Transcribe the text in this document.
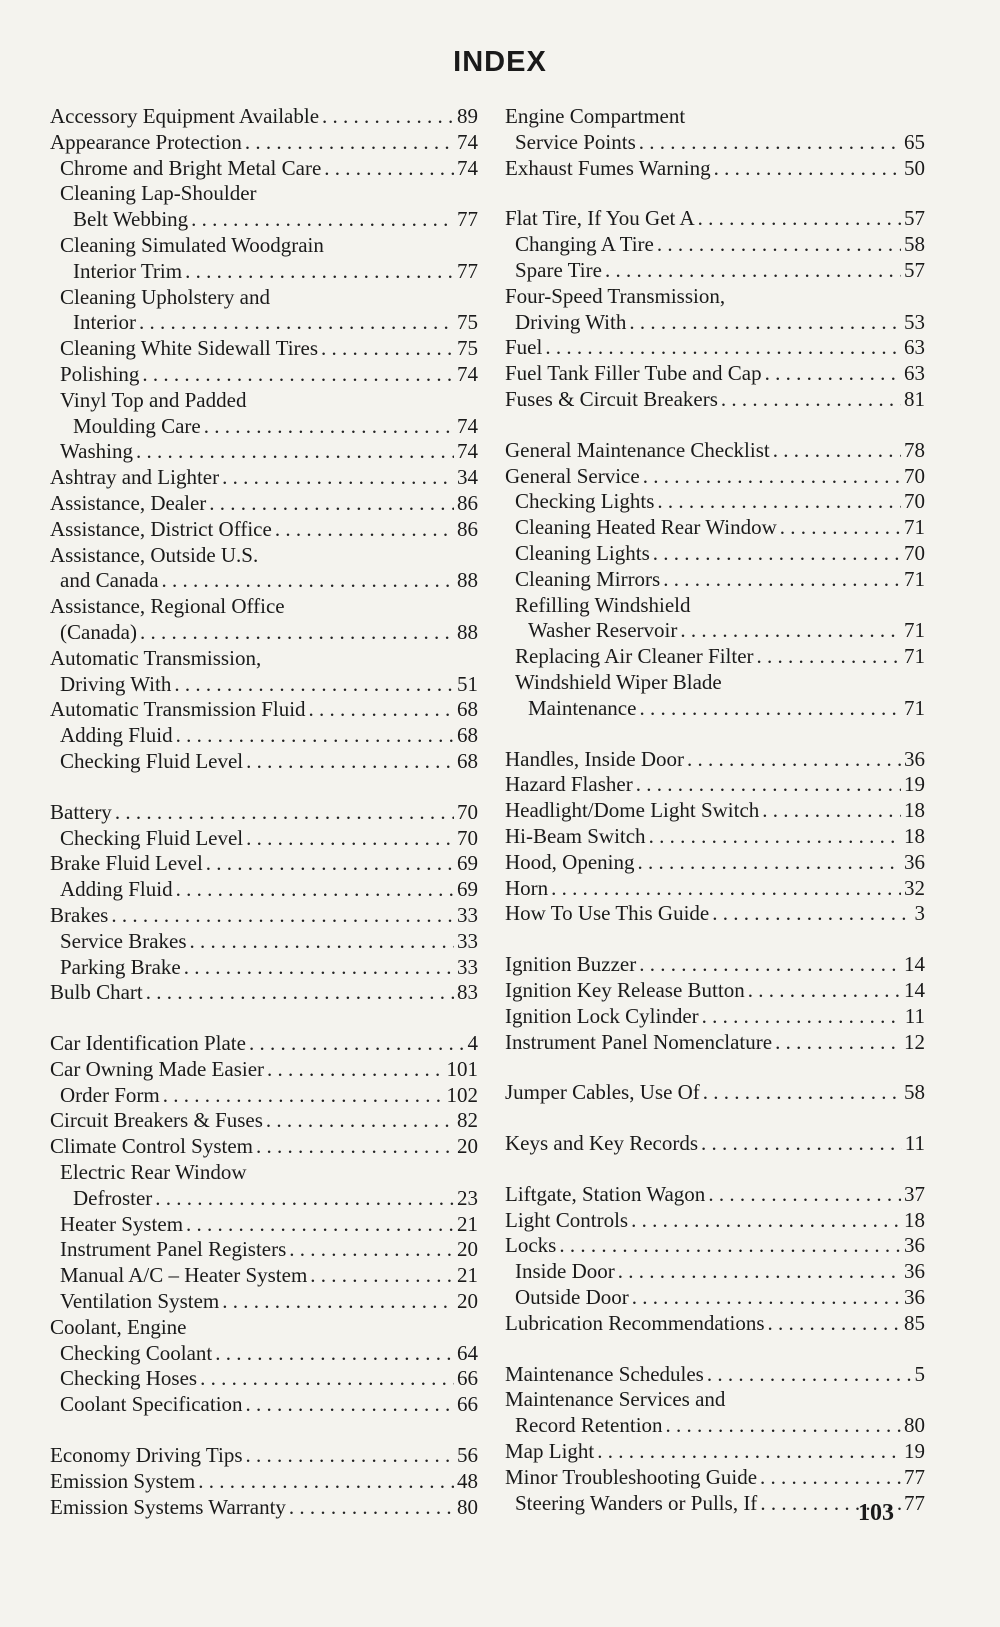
INDEX
Accessory Equipment Available . . .	89
Appearance Protection . . .	74
Chrome and Bright Metal Care . . .	74
Cleaning Lap-Shoulder
Belt Webbing . . .	77
Cleaning Simulated Woodgrain
Interior Trim . . .	77
Cleaning Upholstery and
Interior . . .	75
Cleaning White Sidewall Tires . . .	75
Polishing . . .	74
Vinyl Top and Padded
Moulding Care . . .	74
Washing . . .	74
Ashtray and Lighter . . .	34
Assistance, Dealer . . .	86
Assistance, District Office . . .	86
Assistance, Outside U.S.
and Canada . . .	88
Assistance, Regional Office
(Canada) . . .	88
Automatic Transmission,
Driving With . . .	51
Automatic Transmission Fluid . . .	68
Adding Fluid . . .	68
Checking Fluid Level . . .	68
Battery . . .	70
Checking Fluid Level . . .	70
Brake Fluid Level . . .	69
Adding Fluid . . .	69
Brakes . . .	33
Service Brakes . . .	33
Parking Brake . . .	33
Bulb Chart . . .	83
Car Identification Plate . . .	4
Car Owning Made Easier . . .	101
Order Form . . .	102
Circuit Breakers & Fuses . . .	82
Climate Control System . . .	20
Electric Rear Window
Defroster . . .	23
Heater System . . .	21
Instrument Panel Registers . . .	20
Manual A/C – Heater System . . .	21
Ventilation System . . .	20
Coolant, Engine
Checking Coolant . . .	64
Checking Hoses . . .	66
Coolant Specification . . .	66
Economy Driving Tips . . .	56
Emission System . . .	48
Emission Systems Warranty . . .	80
Engine Compartment
Service Points . . .	65
Exhaust Fumes Warning . . .	50
Flat Tire, If You Get A . . .	57
Changing A Tire . . .	58
Spare Tire . . .	57
Four-Speed Transmission,
Driving With . . .	53
Fuel . . .	63
Fuel Tank Filler Tube and Cap . . .	63
Fuses & Circuit Breakers . . .	81
General Maintenance Checklist . . .	78
General Service . . .	70
Checking Lights . . .	70
Cleaning Heated Rear Window . . .	71
Cleaning Lights . . .	70
Cleaning Mirrors . . .	71
Refilling Windshield
Washer Reservoir . . .	71
Replacing Air Cleaner Filter . . .	71
Windshield Wiper Blade
Maintenance . . .	71
Handles, Inside Door . . .	36
Hazard Flasher . . .	19
Headlight/Dome Light Switch . . .	18
Hi-Beam Switch . . .	18
Hood, Opening . . .	36
Horn . . .	32
How To Use This Guide . . .	3
Ignition Buzzer . . .	14
Ignition Key Release Button . . .	14
Ignition Lock Cylinder . . .	11
Instrument Panel Nomenclature . . .	12
Jumper Cables, Use Of . . .	58
Keys and Key Records . . .	11
Liftgate, Station Wagon . . .	37
Light Controls . . .	18
Locks . . .	36
Inside Door . . .	36
Outside Door . . .	36
Lubrication Recommendations . . .	85
Maintenance Schedules . . .	5
Maintenance Services and
Record Retention . . .	80
Map Light . . .	19
Minor Troubleshooting Guide . . .	77
Steering Wanders or Pulls, If . . .	77
103
